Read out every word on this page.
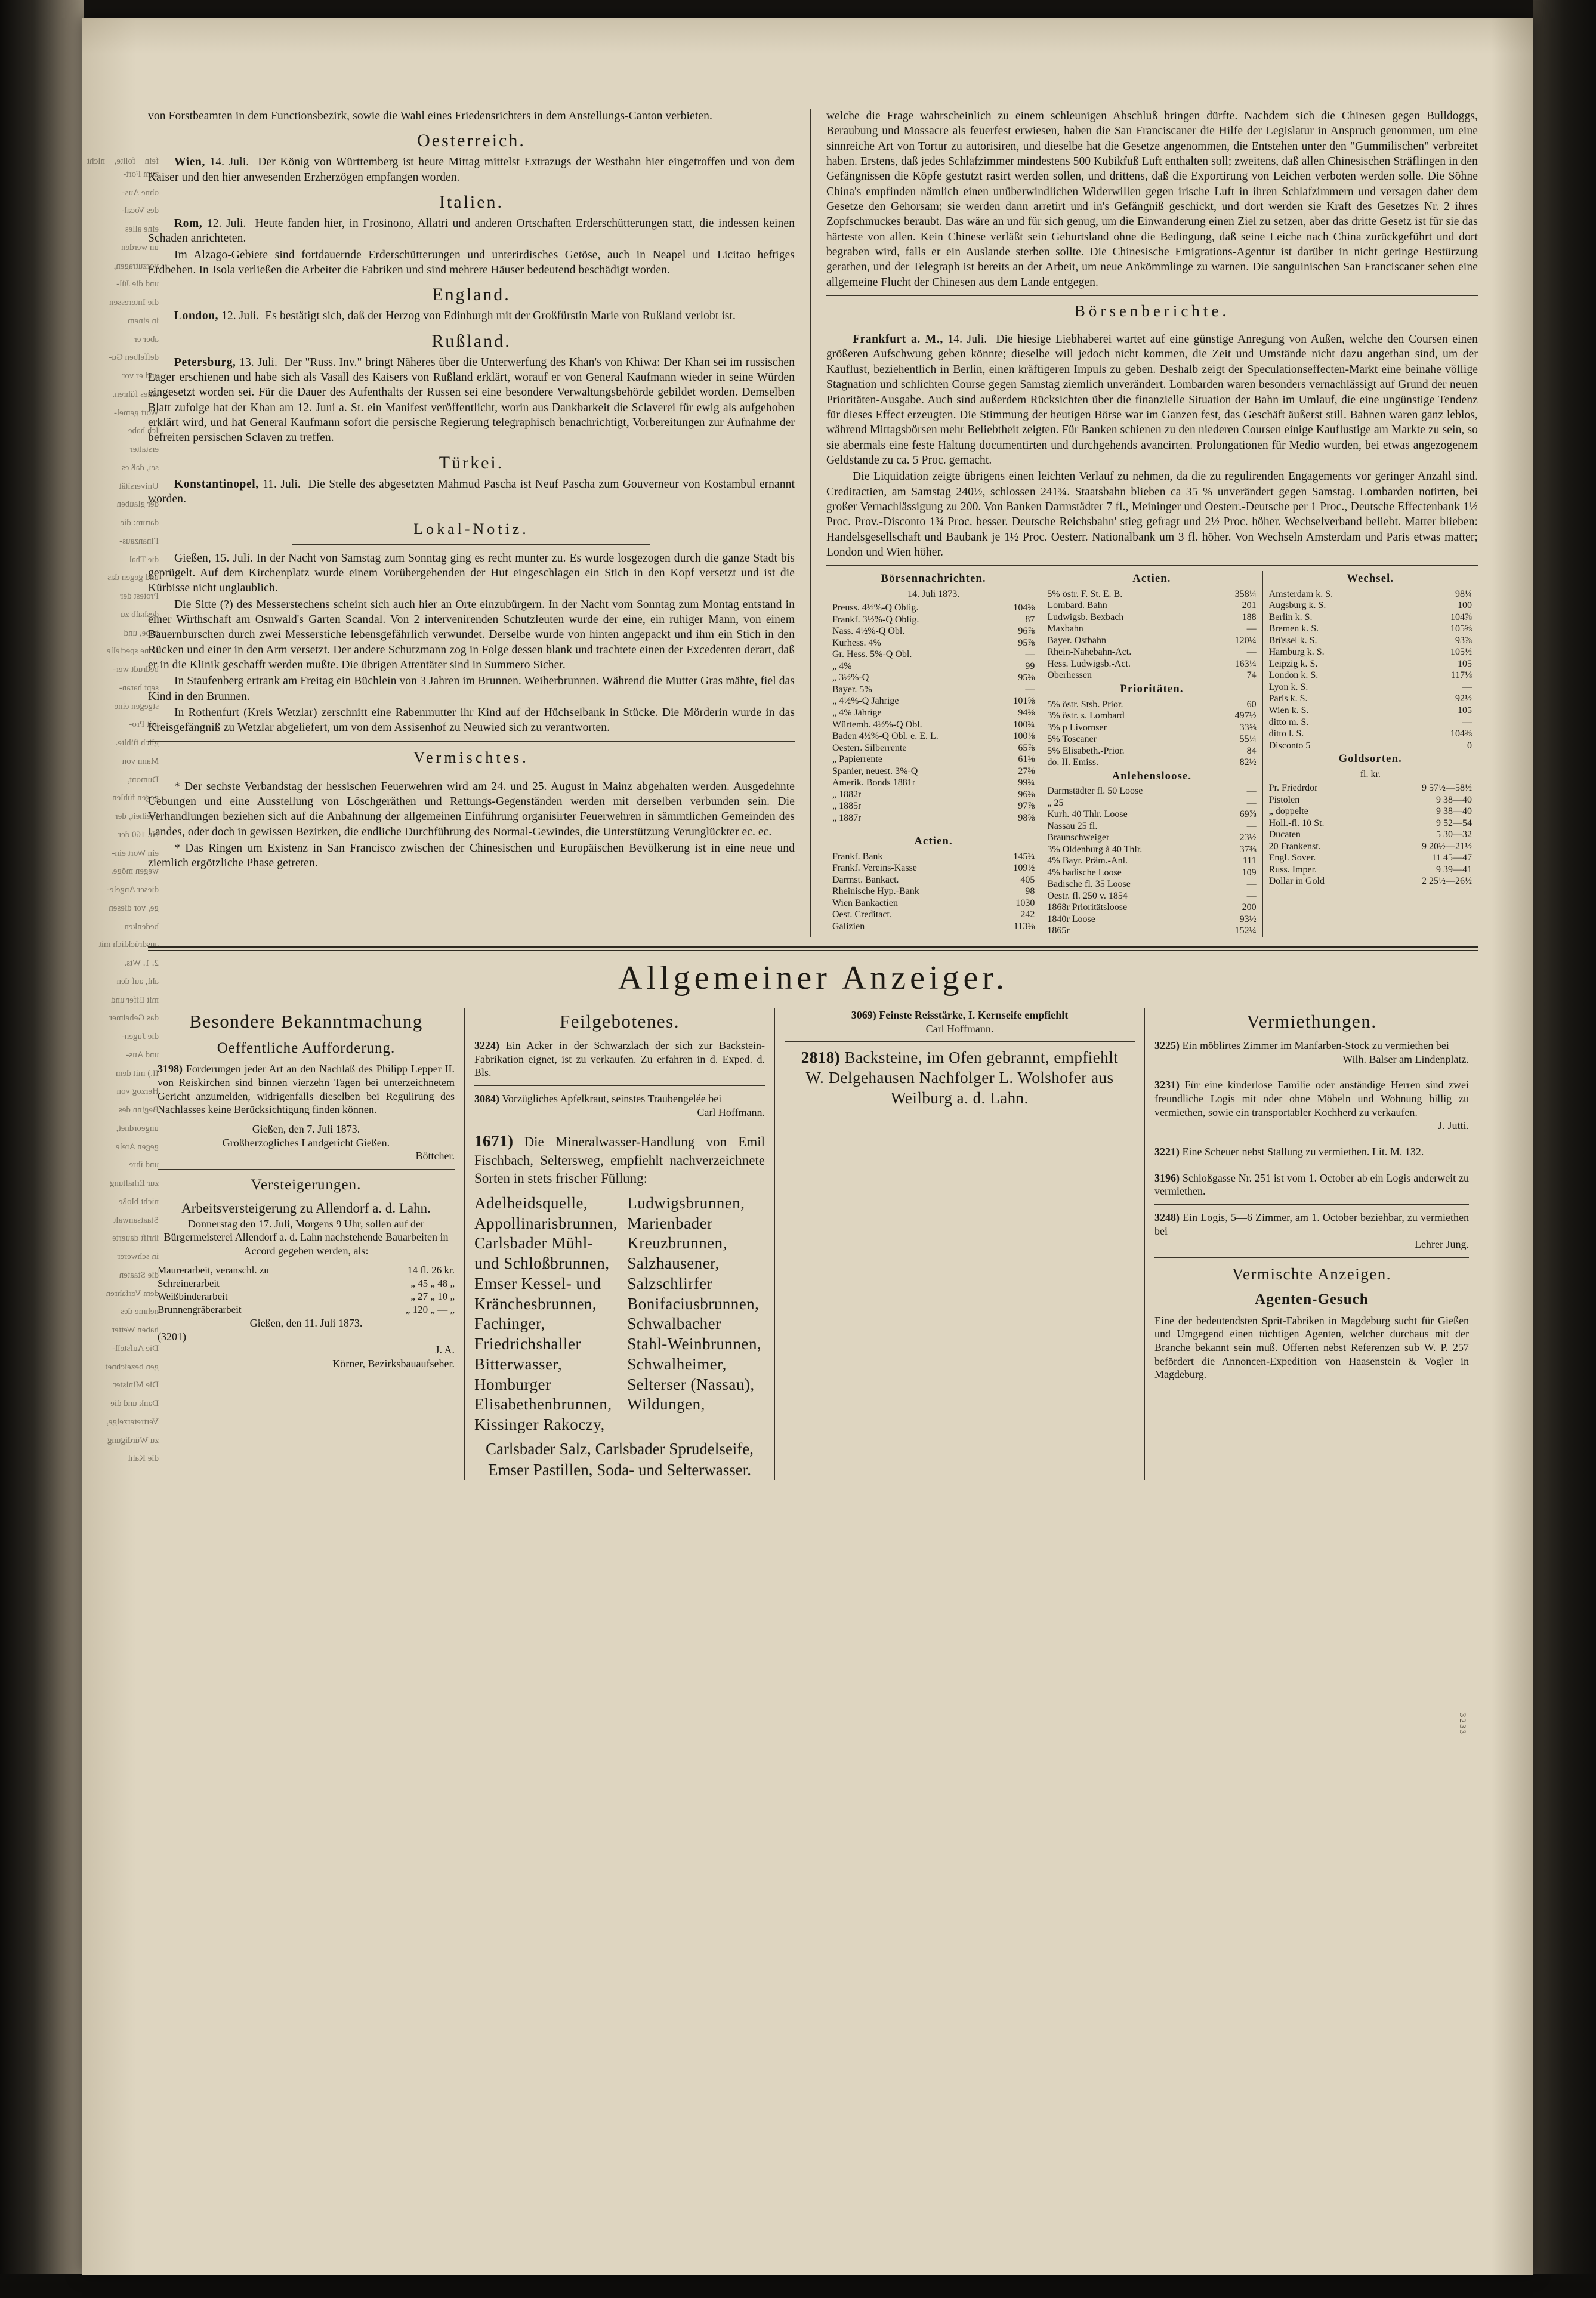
fein follte, nicht zum Fort-
ohne Aus-
des Vocal-
eine alles
un werden
vorzutragen,
und die Jül-
die Interessen
in einem
aber er
deffelben Gu-
und er vor
eines führen.
Wort gemel-
Ich habe
erstatter
sei, daß es
Universität
der glauben
darum: die
Finanzaus-
die Thal
und gegen das
Protest der
deshalb zu
habe, und
seine specielle
bedrudt wer-
sept haran-
stgegen eine
mit Pro-
glich fühlte.
Mann von
Dumont,
gegen fühlen
Freiheit, der
Nr. 160 der
ein Wort ein-
wegen möge.
dieser Angele-
ge, vor diesen
bedenken
ausdrücklich mit
2. 1. Wts.
ahl, auf den
mit Eifer und
das Geheimer
die Jugen-
und Aus-
II.) mit dem
Herzog von
Beginn des
ungeordnet,
gegen Arele
und ihre
zur Erhaltung
nicht bloße
Staatsanwalt
ihrift dauerte
in schwerer
die Staaten
dem Verfahren
nehme des
haben Wetter
Die Aufstell-
gen bezeichnet
Die Minister
Dank und die
Vertreterzeige,
zu Würdigung
die Kahl

von Forstbeamten in dem Functionsbezirk, sowie die Wahl eines Friedensrichters in dem Anstellungs-Canton verbieten.

Oesterreich.

Wien, 14. Juli. Der König von Württemberg ist heute Mittag mittelst Extrazugs der Westbahn hier eingetroffen und von dem Kaiser und den hier anwesenden Erzherzögen empfangen worden.

Italien.

Rom, 12. Juli. Heute fanden hier, in Frosinono, Allatri und anderen Ortschaften Erderschütterungen statt, die indessen keinen Schaden anrichteten.

Im Alzago-Gebiete sind fortdauernde Erderschütterungen und unterirdisches Getöse, auch in Neapel und Licitao heftiges Erdbeben. In Jsola verließen die Arbeiter die Fabriken und sind mehrere Häuser bedeutend beschädigt worden.

England.

London, 12. Juli. Es bestätigt sich, daß der Herzog von Edinburgh mit der Großfürstin Marie von Rußland verlobt ist.

Rußland.

Petersburg, 13. Juli. Der "Russ. Inv." bringt Näheres über die Unterwerfung des Khan's von Khiwa: Der Khan sei im russischen Lager erschienen und habe sich als Vasall des Kaisers von Rußland erklärt, worauf er von General Kaufmann wieder in seine Würden eingesetzt worden sei. Für die Dauer des Aufenthalts der Russen sei eine besondere Verwaltungsbehörde gebildet worden. Demselben Blatt zufolge hat der Khan am 12. Juni a. St. ein Manifest veröffentlicht, worin aus Dankbarkeit die Sclaverei für ewig als aufgehoben erklärt wird, und hat General Kaufmann sofort die persische Regierung telegraphisch benachrichtigt, Vorbereitungen zur Aufnahme der befreiten persischen Sclaven zu treffen.

Türkei.

Konstantinopel, 11. Juli. Die Stelle des abgesetzten Mahmud Pascha ist Neuf Pascha zum Gouverneur von Kostambul ernannt worden.

Lokal-Notiz.

Gießen, 15. Juli. In der Nacht von Samstag zum Sonntag ging es recht munter zu. Es wurde losgezogen durch die ganze Stadt bis geprügelt. Auf dem Kirchenplatz wurde einem Vorübergehenden der Hut eingeschlagen ein Stich in den Kopf versetzt und ist die Kürbisse nicht unglaublich.

Die Sitte (?) des Messerstechens scheint sich auch hier an Orte einzubürgern. In der Nacht vom Sonntag zum Montag entstand in einer Wirthschaft am Osnwald's Garten Scandal. Von 2 intervenirenden Schutzleuten wurde der eine, ein ruhiger Mann, von einem Bauernburschen durch zwei Messerstiche lebensgefährlich verwundet. Derselbe wurde von hinten angepackt und ihm ein Stich in den Rücken und einer in den Arm versetzt. Der andere Schutzmann zog in Folge dessen blank und trachtete einen der Excedenten derart, daß er in die Klinik geschafft werden mußte. Die übrigen Attentäter sind in Summero Sicher.

In Staufenberg ertrank am Freitag ein Büchlein von 3 Jahren im Brunnen. Weiherbrunnen. Während die Mutter Gras mähte, fiel das Kind in den Brunnen.

In Rothenfurt (Kreis Wetzlar) zerschnitt eine Rabenmutter ihr Kind auf der Hüchselbank in Stücke. Die Mörderin wurde in das Kreisgefängniß zu Wetzlar abgeliefert, um von dem Assisenhof zu Neuwied sich zu verantworten.

Vermischtes.

* Der sechste Verbandstag der hessischen Feuerwehren wird am 24. und 25. August in Mainz abgehalten werden. Ausgedehnte Uebungen und eine Ausstellung von Löschgeräthen und Rettungs-Gegenständen werden mit derselben verbunden sein. Die Verhandlungen beziehen sich auf die Anbahnung der allgemeinen Einführung organisirter Feuerwehren in sämmtlichen Gemeinden des Landes, oder doch in gewissen Bezirken, die endliche Durchführung des Normal-Gewindes, die Unterstützung Verunglückter ec. ec.

* Das Ringen um Existenz in San Francisco zwischen der Chinesischen und Europäischen Bevölkerung ist in eine neue und ziemlich ergötzliche Phase getreten.

welche die Frage wahrscheinlich zu einem schleunigen Abschluß bringen dürfte. Nachdem sich die Chinesen gegen Bulldoggs, Beraubung und Mossacre als feuerfest erwiesen, haben die San Franciscaner die Hilfe der Legislatur in Anspruch genommen, um eine sinnreiche Art von Tortur zu autorisiren, und dieselbe hat die Gesetze angenommen, die Entstehen unter den "Gummilischen" verbreitet haben. Erstens, daß jedes Schlafzimmer mindestens 500 Kubikfuß Luft enthalten soll; zweitens, daß allen Chinesischen Sträflingen in den Gefängnissen die Köpfe gestutzt rasirt werden sollen, und drittens, daß die Exportirung von Leichen verboten werden solle. Die Söhne China's empfinden nämlich einen unüberwindlichen Widerwillen gegen irische Luft in ihren Schlafzimmern und versagen daher dem Gesetze den Gehorsam; sie werden dann arretirt und in's Gefängniß geschickt, und dort werden sie Kraft des Gesetzes Nr. 2 ihres Zopfschmuckes beraubt. Das wäre an und für sich genug, um die Einwanderung einen Ziel zu setzen, aber das dritte Gesetz ist für sie das härteste von allen. Kein Chinese verläßt sein Geburtsland ohne die Bedingung, daß seine Leiche nach China zurückgeführt und dort begraben wird, falls er ein Auslande sterben sollte. Die Chinesische Emigrations-Agentur ist darüber in nicht geringe Bestürzung gerathen, und der Telegraph ist bereits an der Arbeit, um neue Ankömmlinge zu warnen. Die sanguinischen San Franciscaner sehen eine allgemeine Flucht der Chinesen aus dem Lande entgegen.

Börsenberichte.

Frankfurt a. M., 14. Juli. Die hiesige Liebhaberei wartet auf eine günstige Anregung von Außen, welche den Coursen einen größeren Aufschwung geben könnte; dieselbe will jedoch nicht kommen, die Zeit und Umstände nicht dazu angethan sind, um der Kauflust, beziehentlich in Berlin, einen kräftigeren Impuls zu geben. Deshalb zeigt der Speculationseffecten-Markt eine beinahe völlige Stagnation und schlichten Course gegen Samstag ziemlich unverändert. Lombarden waren besonders vernachlässigt auf Grund der neuen Prioritäten-Ausgabe. Auch sind außerdem Rücksichten über die finanzielle Situation der Bahn im Umlauf, die eine ungünstige Tendenz für dieses Effect erzeugten. Die Stimmung der heutigen Börse war im Ganzen fest, das Geschäft äußerst still. Bahnen waren ganz leblos, während Mittagsbörsen mehr Beliebtheit zeigten. Für Banken schienen zu den niederen Coursen einige Kauflustige am Markte zu sein, so sie abermals eine feste Haltung documentirten und durchgehends avancirten. Prolongationen für Medio wurden, bei etwas angezogenem Geldstande zu ca. 5 Proc. gemacht.

Die Liquidation zeigte übrigens einen leichten Verlauf zu nehmen, da die zu regulirenden Engagements vor geringer Anzahl sind. Creditactien, am Samstag 240½, schlossen 241¾. Staatsbahn blieben ca 35 % unverändert gegen Samstag. Lombarden notirten, bei großer Vernachlässigung zu 200. Von Banken Darmstädter 7 fl., Meininger und Oesterr.-Deutsche per 1 Proc., Deutsche Effectenbank 1½ Proc. Prov.-Disconto 1¾ Proc. besser. Deutsche Reichsbahn' stieg gefragt und 2½ Proc. höher. Wechselverband beliebt. Matter blieben: Handelsgesellschaft und Baubank je 1½ Proc. Oesterr. Nationalbank um 3 fl. höher. Von Wechseln Amsterdam und Paris etwas matter; London und Wien höher.

Börsennachrichten.
14. Juli 1873.
Preuss. 4½%-Q Oblig.	104⅜
Frankf. 3½%-Q Oblig.	87
Nass. 4½%-Q Obl.	96⅞
Kurhess. 4%	95⅞
Gr. Hess. 5%-Q Obl.	—
„ 4%	99
„ 3½%-Q	95⅜
Bayer. 5%	—
„ 4½%-Q Jährige	101⅝
„ 4% Jährige	94⅜
Würtemb. 4½%-Q Obl.	100¾
Baden 4½%-Q Obl. e. E. L.	100⅛
Oesterr. Silberrente	65⅞
„ Papierrente	61⅛
Spanier, neuest. 3%-Q	27⅜
Amerik. Bonds 1881r	99¾
„ 1882r	96⅜
„ 1885r	97⅞
„ 1887r	98⅝
Actien.
Frankf. Bank	145¼
Frankf. Vereins-Kasse	109½
Darmst. Bankact.	405
Rheinische Hyp.-Bank	98
Wien Bankactien	1030
Oest. Creditact.	242
Galizien	113⅛
Actien.
5% östr. F. St. E. B.	358¼
Lombard. Bahn	201
Ludwigsb. Bexbach	188
Maxbahn	—
Bayer. Ostbahn	120¼
Rhein-Nahebahn-Act.	—
Hess. Ludwigsb.-Act.	163¼
Oberhessen	74
Prioritäten.
5% östr. Stsb. Prior.	60
3% östr. s. Lombard	497½
3% p Livornser	33⅝
5% Toscaner	55¼
5% Elisabeth.-Prior.	84
do. II. Emiss.	82½
Anlehensloose.
Darmstädter fl. 50 Loose	—
„ 25	—
Kurh. 40 Thlr. Loose	69⅞
Nassau 25 fl.	—
Braunschweiger	23½
3% Oldenburg à 40 Thlr.	37⅜
4% Bayr. Präm.-Anl.	111
4% badische Loose	109
Badische fl. 35 Loose	—
Oestr. fl. 250 v. 1854	—
1868r Prioritätsloose	200
1840r Loose	93½
1865r	152¼
Wechsel.
Amsterdam k. S.	98¼
Augsburg k. S.	100
Berlin k. S.	104⅞
Bremen k. S.	105⅝
Brüssel k. S.	93⅞
Hamburg k. S.	105½
Leipzig k. S.	105
London k. S.	117⅛
Lyon k. S.	—
Paris k. S.	92½
Wien k. S.	105
ditto m. S.	—
ditto l. S.	104⅜
Disconto 5	0
Goldsorten.
fl. kr.
Pr. Friedrdor	9 57½—58½
Pistolen	9 38—40
„ doppelte	9 38—40
Holl.-fl. 10 St.	9 52—54
Ducaten	5 30—32
20 Frankenst.	9 20½—21½
Engl. Sover.	11 45—47
Russ. Imper.	9 39—41
Dollar in Gold	2 25½—26½
Allgemeiner Anzeiger.
Besondere Bekanntmachung
Oeffentliche Aufforderung.
3198) Forderungen jeder Art an den Nachlaß des Philipp Lepper II. von Reiskirchen sind binnen vierzehn Tagen bei unterzeichnetem Gericht anzumelden, widrigenfalls dieselben bei Regulirung des Nachlasses keine Berücksichtigung finden können.
Gießen, den 7. Juli 1873.
Großherzogliches Landgericht Gießen.
Böttcher.
Versteigerungen.
Arbeitsversteigerung zu Allendorf a. d. Lahn.
Donnerstag den 17. Juli, Morgens 9 Uhr, sollen auf der Bürgermeisterei Allendorf a. d. Lahn nachstehende Bauarbeiten in Accord gegeben werden, als:
Maurerarbeit, veranschl. zu	14 fl. 26 kr.
Schreinerarbeit	„ 45 „ 48 „
Weißbinderarbeit	„ 27 „ 10 „
Brunnengräberarbeit	„ 120 „ — „
Gießen, den 11. Juli 1873.
(3201)
J. A.
Körner, Bezirksbauaufseher.
Feilgebotenes.
3224) Ein Acker in der Schwarzlach der sich zur Backstein-Fabrikation eignet, ist zu verkaufen. Zu erfahren in d. Exped. d. Bls.
3084) Vorzügliches Apfelkraut, seinstes Traubengelée bei
Carl Hoffmann.
1671) Die Mineralwasser-Handlung von Emil Fischbach, Seltersweg, empfiehlt nachverzeichnete Sorten in stets frischer Füllung:
Adelheidsquelle,
Appollinarisbrunnen,
Carlsbader Mühl- und Schloßbrunnen,
Emser Kessel- und Kränchesbrunnen,
Fachinger,
Friedrichshaller Bitterwasser,
Homburger Elisabethenbrunnen,
Kissinger Rakoczy,
Ludwigsbrunnen,
Marienbader Kreuzbrunnen,
Salzhausener,
Salzschlirfer Bonifaciusbrunnen,
Schwalbacher Stahl-Weinbrunnen,
Schwalheimer,
Selterser (Nassau),
Wildungen,
Carlsbader Salz, Carlsbader Sprudelseife, Emser Pastillen, Soda- und Selterwasser.
3069) Feinste Reisstärke, I. Kernseife empfiehlt
Carl Hoffmann.
2818) Backsteine, im Ofen gebrannt, empfiehlt
W. Delgehausen Nachfolger L. Wolshofer aus Weilburg a. d. Lahn.
Vermiethungen.
3225) Ein möblirtes Zimmer im Manfarben-Stock zu vermiethen bei
Wilh. Balser am Lindenplatz.
3231) Für eine kinderlose Familie oder anständige Herren sind zwei freundliche Logis mit oder ohne Möbeln und Wohnung billig zu vermiethen, sowie ein transportabler Kochherd zu verkaufen.
J. Jutti.
3221) Eine Scheuer nebst Stallung zu vermiethen. Lit. M. 132.
3196) Schloßgasse Nr. 251 ist vom 1. October ab ein Logis anderweit zu vermiethen.
3248) Ein Logis, 5—6 Zimmer, am 1. October beziehbar, zu vermiethen bei
Lehrer Jung.
Vermischte Anzeigen.
Agenten-Gesuch
Eine der bedeutendsten Sprit-Fabriken in Magdeburg sucht für Gießen und Umgegend einen tüchtigen Agenten, welcher durchaus mit der Branche bekannt sein muß. Offerten nebst Referenzen sub W. P. 257 befördert die Annoncen-Expedition von Haasenstein & Vogler in Magdeburg.
3233
